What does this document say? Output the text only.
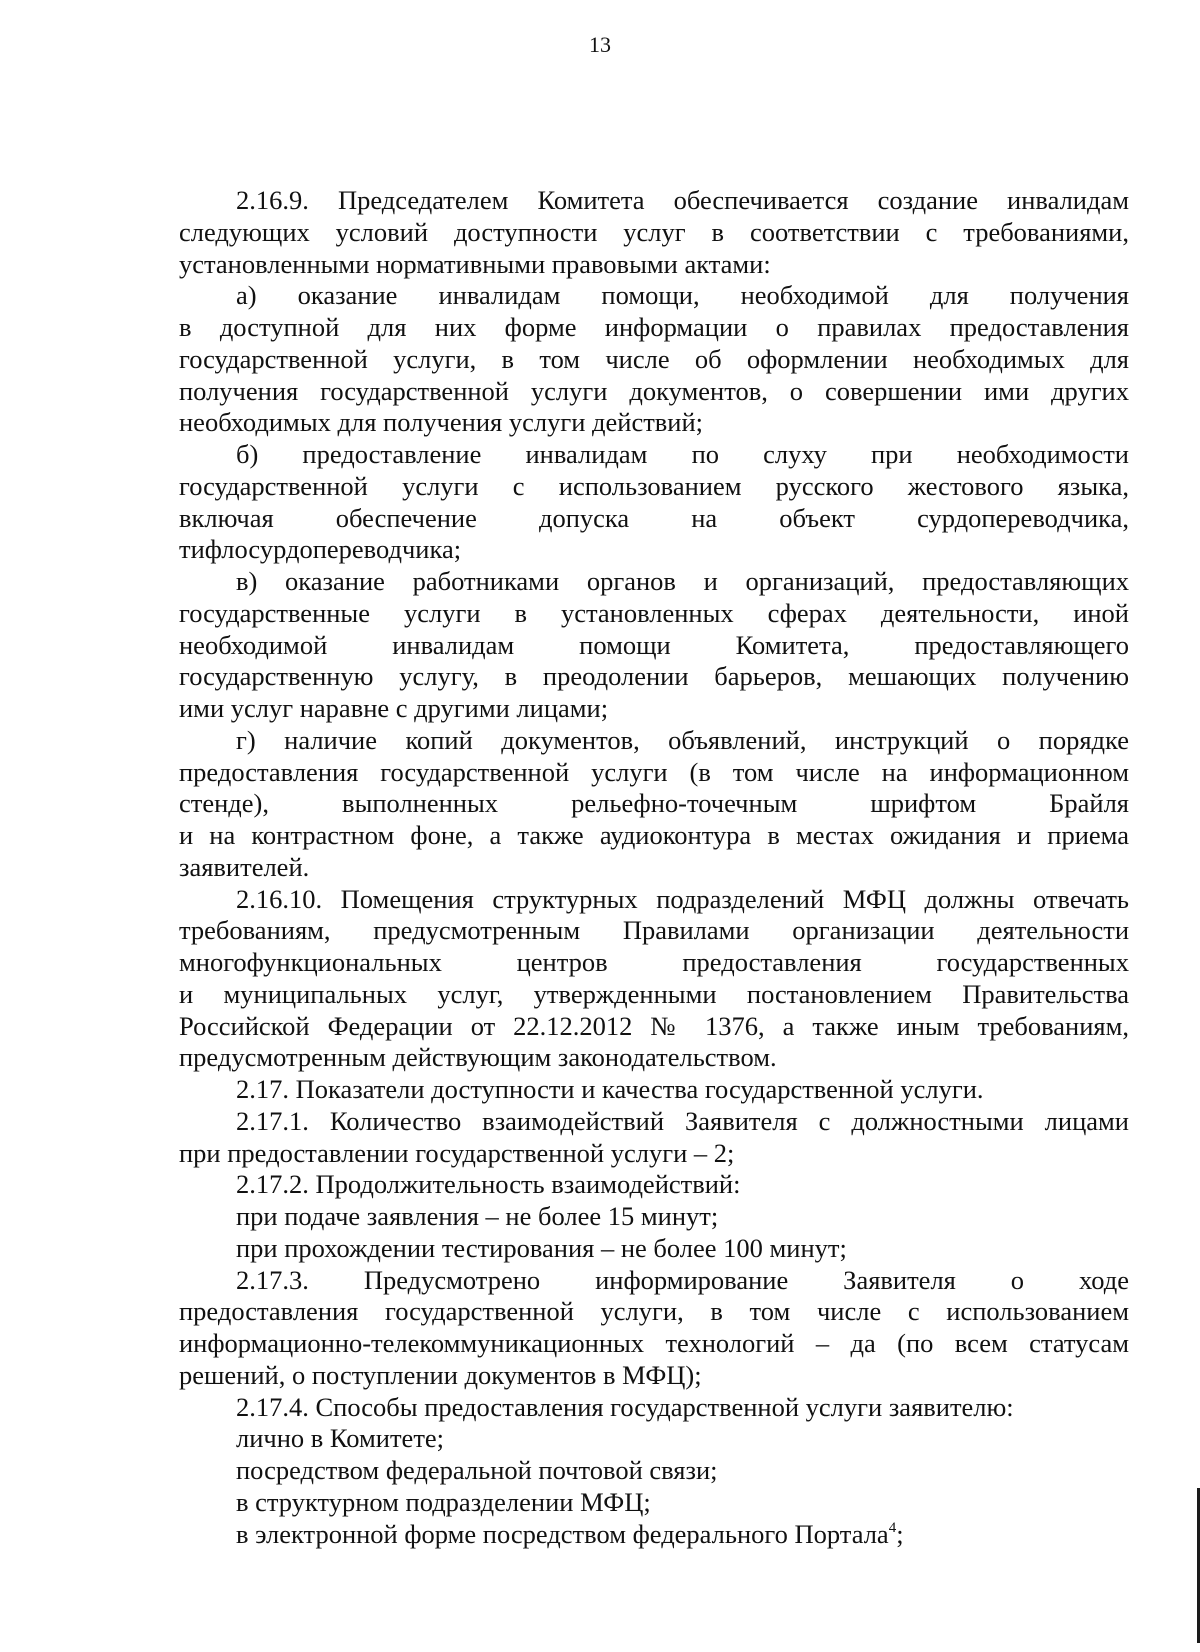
13
2.16.9. Председателем Комитета обеспечивается создание инвалидам
следующих условий доступности услуг в соответствии с требованиями,
установленными нормативными правовыми актами:
а) оказание инвалидам помощи, необходимой для получения
в доступной для них форме информации о правилах предоставления
государственной услуги, в том числе об оформлении необходимых для
получения государственной услуги документов, о совершении ими других
необходимых для получения услуги действий;
б) предоставление инвалидам по слуху при необходимости
государственной услуги с использованием русского жестового языка,
включая обеспечение допуска на объект сурдопереводчика,
тифлосурдопереводчика;
в) оказание работниками органов и организаций, предоставляющих
государственные услуги в установленных сферах деятельности, иной
необходимой инвалидам помощи Комитета, предоставляющего
государственную услугу, в преодолении барьеров, мешающих получению
ими услуг наравне с другими лицами;
г) наличие копий документов, объявлений, инструкций о порядке
предоставления государственной услуги (в том числе на информационном
стенде), выполненных рельефно-точечным шрифтом Брайля
и на контрастном фоне, а также аудиоконтура в местах ожидания и приема
заявителей.
2.16.10. Помещения структурных подразделений МФЦ должны отвечать
требованиям, предусмотренным Правилами организации деятельности
многофункциональных центров предоставления государственных
и муниципальных услуг, утвержденными постановлением Правительства
Российской Федерации от 22.12.2012 № 1376, а также иным требованиям,
предусмотренным действующим законодательством.
2.17. Показатели доступности и качества государственной услуги.
2.17.1. Количество взаимодействий Заявителя с должностными лицами
при предоставлении государственной услуги – 2;
2.17.2. Продолжительность взаимодействий:
при подаче заявления – не более 15 минут;
при прохождении тестирования – не более 100 минут;
2.17.3. Предусмотрено информирование Заявителя о ходе
предоставления государственной услуги, в том числе с использованием
информационно-телекоммуникационных технологий – да (по всем статусам
решений, о поступлении документов в МФЦ);
2.17.4. Способы предоставления государственной услуги заявителю:
лично в Комитете;
посредством федеральной почтовой связи;
в структурном подразделении МФЦ;
в электронной форме посредством федерального Портала$^4$;
